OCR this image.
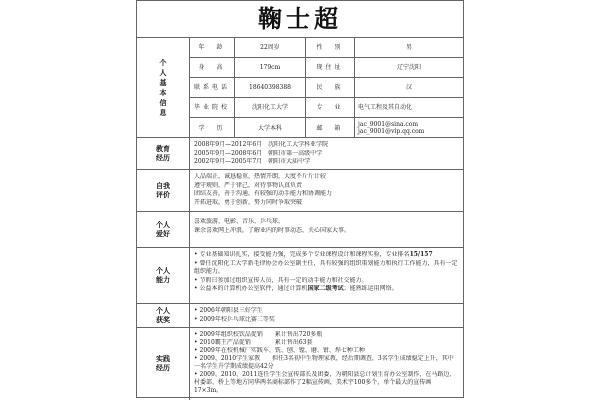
鞠士超
个人基本信息
年　龄	22周岁	性　别	男
身　高	179cm	现住址	辽宁沈阳
联系电话	18640398388	民　族	汉
毕业院校	沈阳化工大学	专　业	电气工程及其自动化
学　历	大学本科	邮　箱	jac_9001@sina.com
jac_9001@vip.qq.com
教育经历
2008年9月—2012年6月　沈阳化工大学科亚学院
2005年9月—2008年6月　朝阳市第一高级中学
2002年9月—2005年7月　朝阳市大庙中学
自我评价
人品端正，诚恳稳重，热情开朗，大度不斤斤计较
遵守规则，严于律己，对待事物认真负责
团结友善，善于沟通，有较强的动手能力和协调能力
开拓进取，勇于创新，努力同时争取突破
个人爱好
喜欢旅游、电影、音乐、乒乓球。
课余喜欢网上冲浪，了解业内的时事动态，关心国家大事。
个人能力
• 专业基础知识扎实，接受能力强，完成多个专业课程设计和课程实验，专业排名15/157
• 曾任沈阳化工大学新毛律协会办公室副主任，具有较强的组织策划能力和执行工作能力，具有一定组织能力。
• 节假日参加过组织宣传人员，具有一定的动手能力和社交能力。
• 公益本的计算机办公室软件，通过计算机国家二级考试；能熟练运用网络。
个人获奖
• 2006年朝阳县三好学生
• 2009年校乒乓球比赛二等奖
实践经历
• 2009年组织校饮品促销　　累计售出720多瓶
• 2010霸王产品促销　　　　累计售出63套
• 2009年在校机械厂实践车、铣、刨、镗、磨、钳、焊七种工种
• 2009、2010学生家教　　担任3名初中生物理家教，经后期调查，3名学生成绩稳定上升，其中一名学生升学期成绩提高42分
• 2009、2010、2011连任学生会宣传部长及团委，为朝阳县总计划生育办公室制作，在马路边、村委部、桥上等地方同华两名商标部作了2幅宣传画，美术宇100多个，单个最大的宣传画17×3m。
